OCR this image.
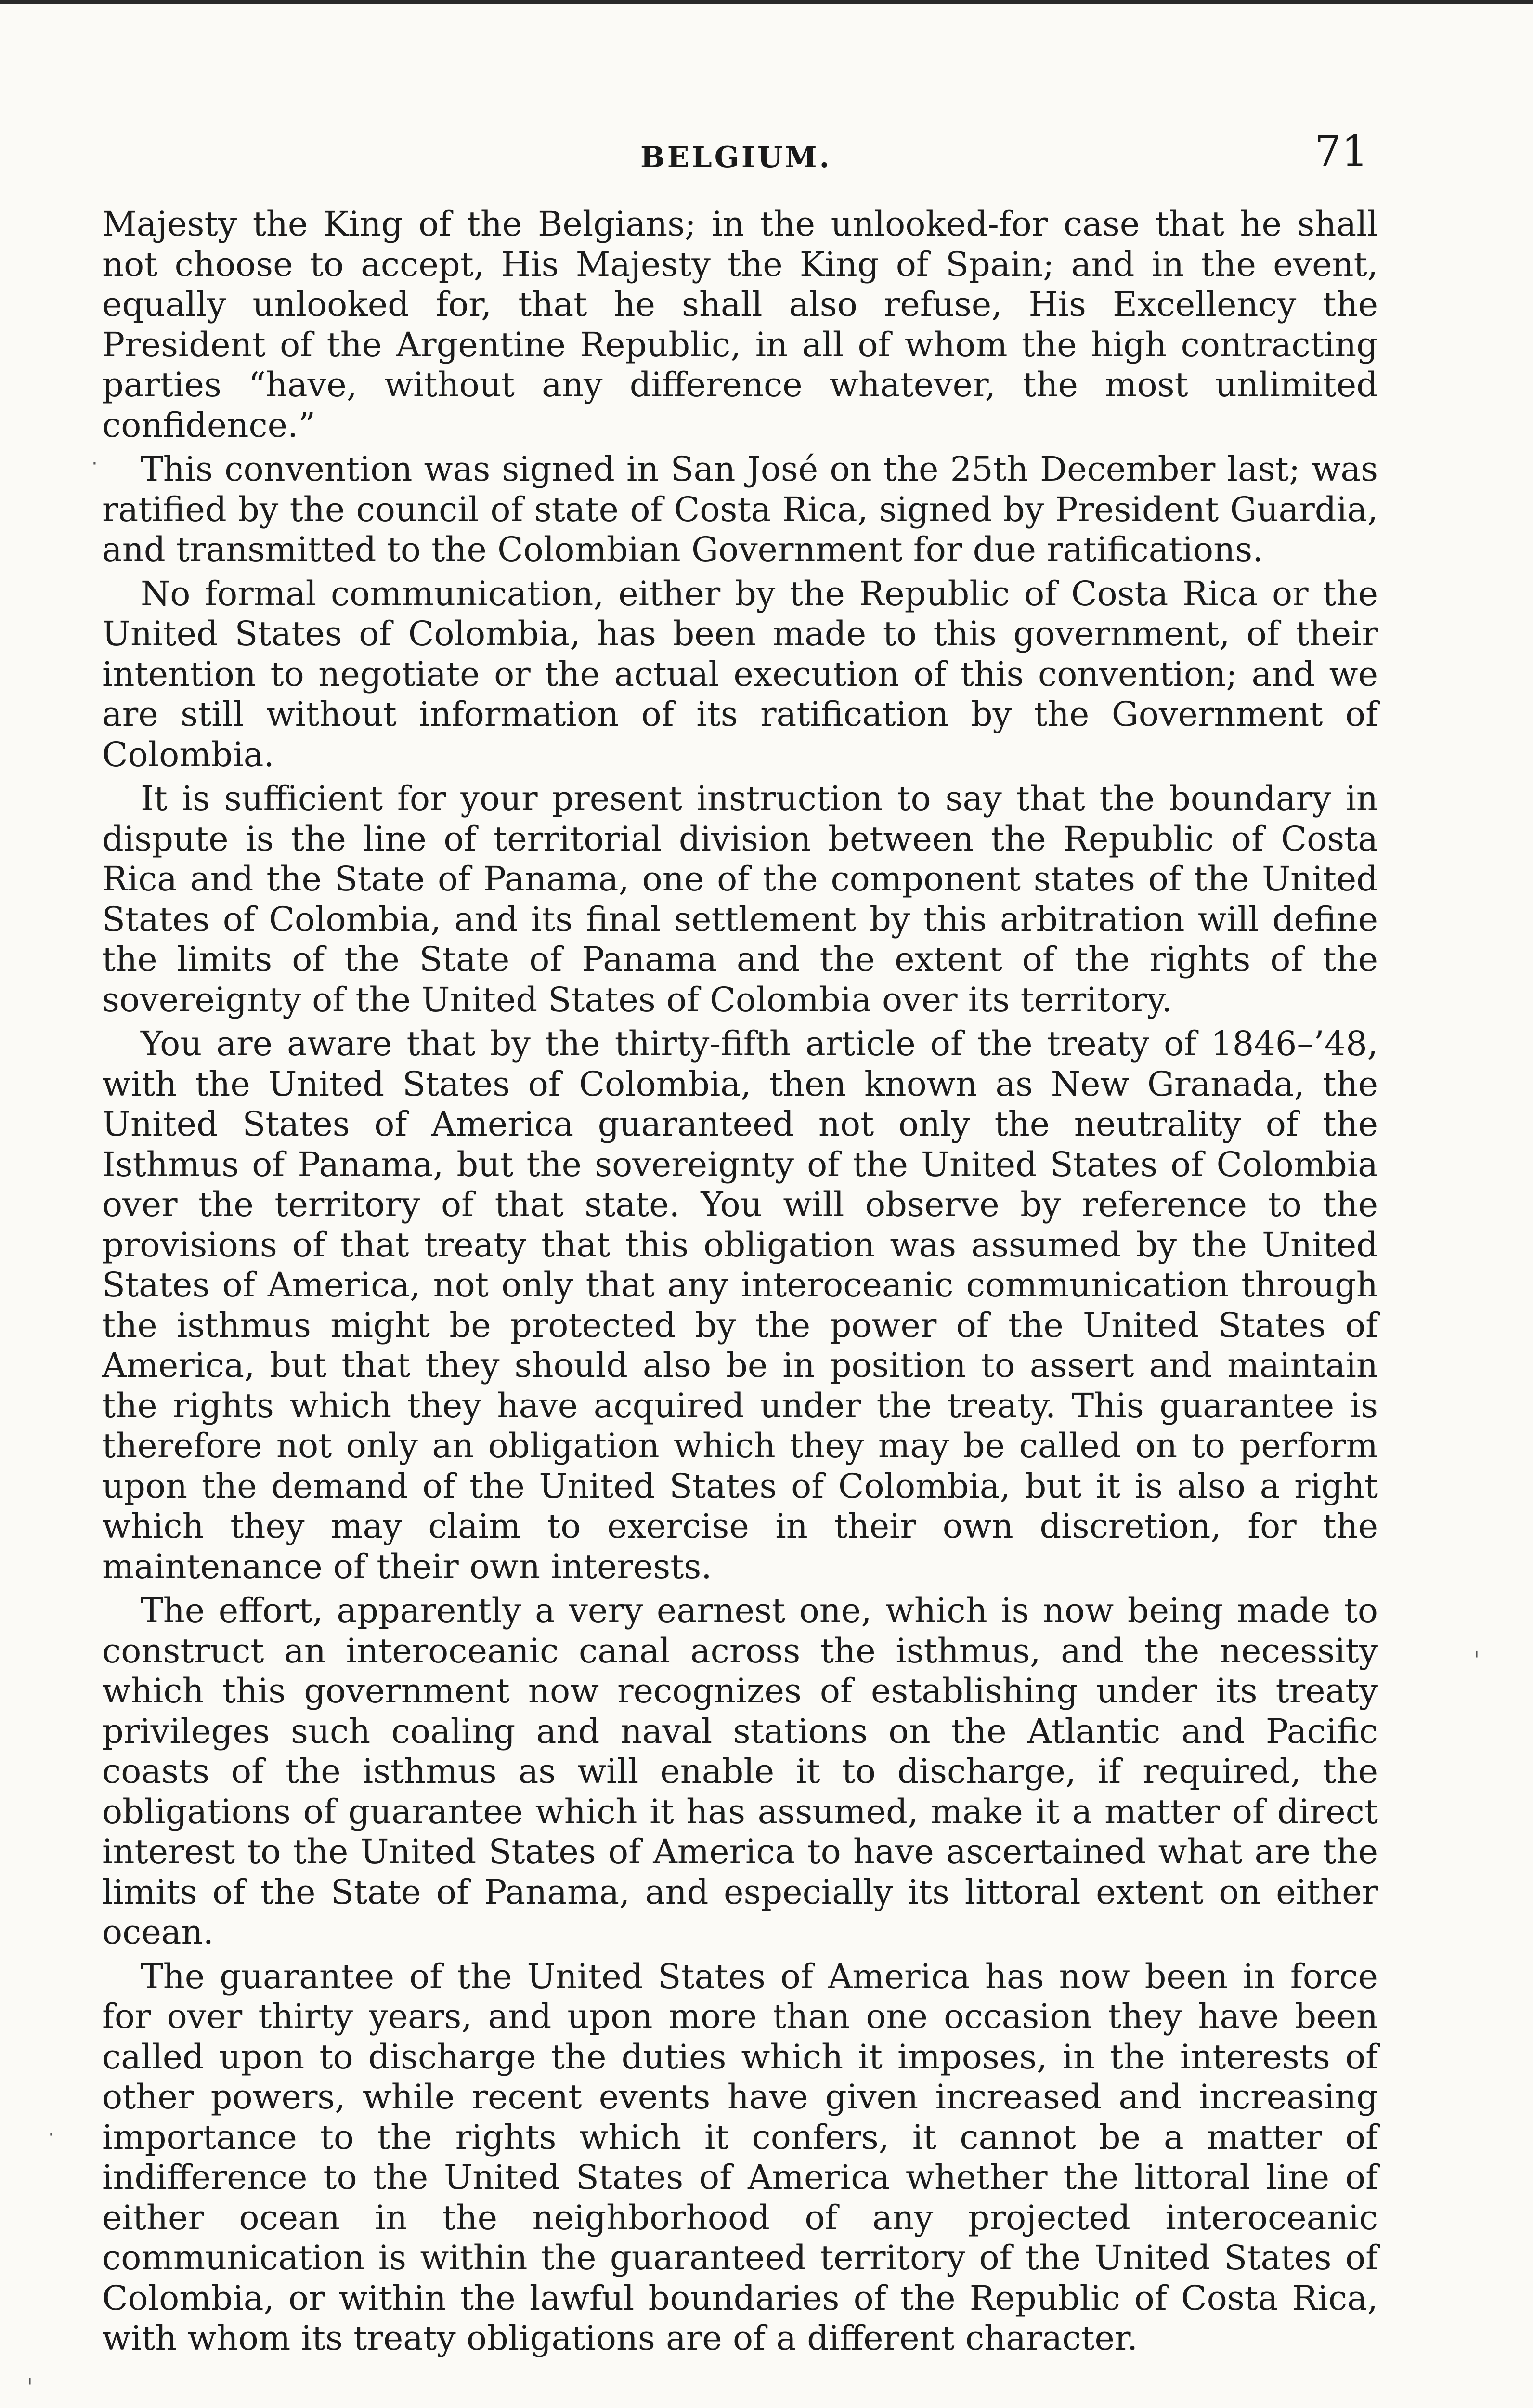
BELGIUM.	71

Majesty the King of the Belgians; in the unlooked-for case that he shall not choose to accept, His Majesty the King of Spain; and in the event, equally unlooked for, that he shall also refuse, His Excellency the President of the Argentine Republic, in all of whom the high contracting parties “have, without any difference whatever, the most unlimited confidence.”

This convention was signed in San José on the 25th December last; was ratified by the council of state of Costa Rica, signed by President Guardia, and transmitted to the Colombian Government for due ratifications.

No formal communication, either by the Republic of Costa Rica or the United States of Colombia, has been made to this government, of their intention to negotiate or the actual execution of this convention; and we are still without information of its ratification by the Government of Colombia.

It is sufficient for your present instruction to say that the boundary in dispute is the line of territorial division between the Republic of Costa Rica and the State of Panama, one of the component states of the United States of Colombia, and its final settlement by this arbitration will define the limits of the State of Panama and the extent of the rights of the sovereignty of the United States of Colombia over its territory.

You are aware that by the thirty-fifth article of the treaty of 1846–’48, with the United States of Colombia, then known as New Granada, the United States of America guaranteed not only the neutrality of the Isthmus of Panama, but the sovereignty of the United States of Colombia over the territory of that state. You will observe by reference to the provisions of that treaty that this obligation was assumed by the United States of America, not only that any interoceanic communication through the isthmus might be protected by the power of the United States of America, but that they should also be in position to assert and maintain the rights which they have acquired under the treaty. This guarantee is therefore not only an obligation which they may be called on to perform upon the demand of the United States of Colombia, but it is also a right which they may claim to exercise in their own discretion, for the maintenance of their own interests.

The effort, apparently a very earnest one, which is now being made to construct an interoceanic canal across the isthmus, and the necessity which this government now recognizes of establishing under its treaty privileges such coaling and naval stations on the Atlantic and Pacific coasts of the isthmus as will enable it to discharge, if required, the obligations of guarantee which it has assumed, make it a matter of direct interest to the United States of America to have ascertained what are the limits of the State of Panama, and especially its littoral extent on either ocean.

The guarantee of the United States of America has now been in force for over thirty years, and upon more than one occasion they have been called upon to discharge the duties which it imposes, in the interests of other powers, while recent events have given increased and increasing importance to the rights which it confers, it cannot be a matter of indifference to the United States of America whether the littoral line of either ocean in the neighborhood of any projected interoceanic communication is within the guaranteed territory of the United States of Colombia, or within the lawful boundaries of the Republic of Costa Rica, with whom its treaty obligations are of a different character.

⋅
⋅
ˈ
ˈ
